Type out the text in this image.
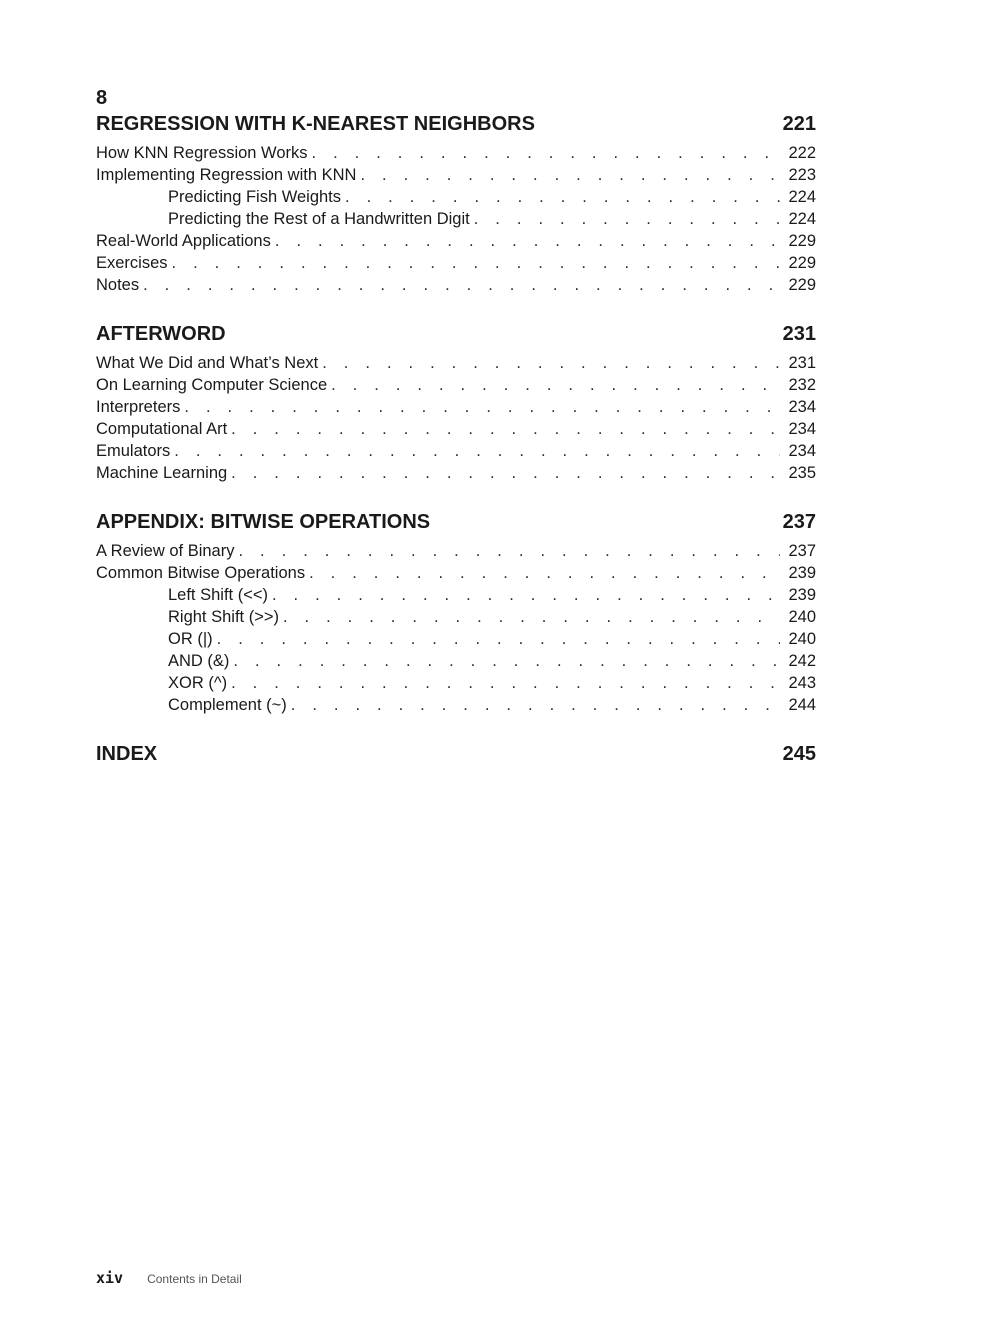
8
REGRESSION WITH K-NEAREST NEIGHBORS	221
How KNN Regression Works . . .	222
Implementing Regression with KNN . . .	223
Predicting Fish Weights . . .	224
Predicting the Rest of a Handwritten Digit . . .	224
Real-World Applications . . .	229
Exercises . . .	229
Notes . . .	229
AFTERWORD	231
What We Did and What’s Next . . .	231
On Learning Computer Science . . .	232
Interpreters . . .	234
Computational Art . . .	234
Emulators . . .	234
Machine Learning . . .	235
APPENDIX: BITWISE OPERATIONS	237
A Review of Binary . . .	237
Common Bitwise Operations . . .	239
Left Shift (<<) . . .	239
Right Shift (>>) . . .	240
OR (|) . . .	240
AND (&) . . .	242
XOR (^) . . .	243
Complement (~) . . .	244
INDEX	245
xiv Contents in Detail
